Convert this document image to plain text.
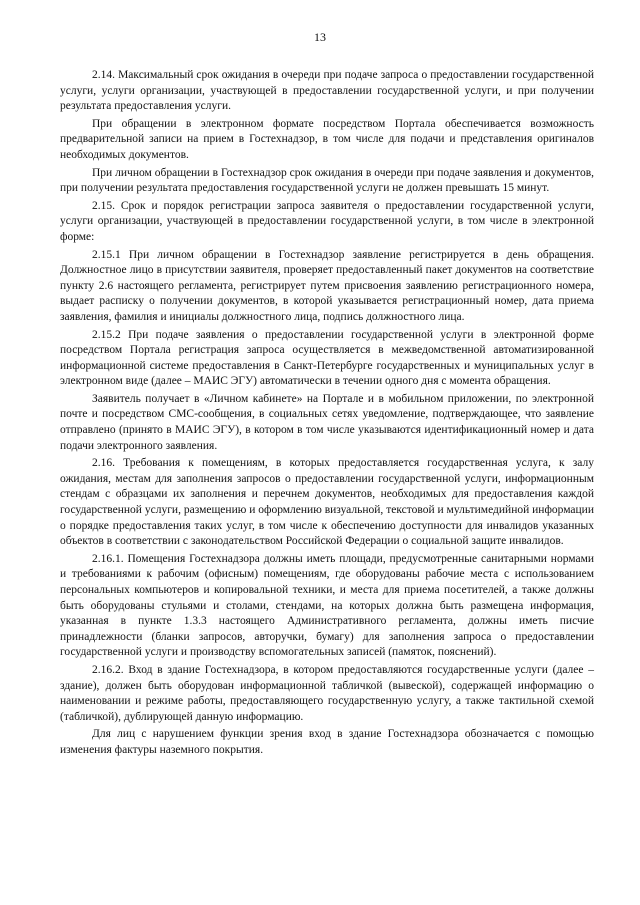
13

2.14. Максимальный срок ожидания в очереди при подаче запроса о предоставлении государственной услуги, услуги организации, участвующей в предоставлении государственной услуги, и при получении результата предоставления услуги.

При обращении в электронном формате посредством Портала обеспечивается возможность предварительной записи на прием в Гостехнадзор, в том числе для подачи и представления оригиналов необходимых документов.

При личном обращении в Гостехнадзор срок ожидания в очереди при подаче заявления и документов, при получении результата предоставления государственной услуги не должен превышать 15 минут.

2.15. Срок и порядок регистрации запроса заявителя о предоставлении государственной услуги, услуги организации, участвующей в предоставлении государственной услуги, в том числе в электронной форме:

2.15.1 При личном обращении в Гостехнадзор заявление регистрируется в день обращения. Должностное лицо в присутствии заявителя, проверяет предоставленный пакет документов на соответствие пункту 2.6 настоящего регламента, регистрирует путем присвоения заявлению регистрационного номера, выдает расписку о получении документов, в которой указывается регистрационный номер, дата приема заявления, фамилия и инициалы должностного лица, подпись должностного лица.

2.15.2 При подаче заявления о предоставлении государственной услуги в электронной форме посредством Портала регистрация запроса осуществляется в межведомственной автоматизированной информационной системе предоставления в Санкт-Петербурге государственных и муниципальных услуг в электронном виде (далее – МАИС ЭГУ) автоматически в течении одного дня с момента обращения.

Заявитель получает в «Личном кабинете» на Портале и в мобильном приложении, по электронной почте и посредством СМС-сообщения, в социальных сетях уведомление, подтверждающее, что заявление отправлено (принято в МАИС ЭГУ), в котором в том числе указываются идентификационный номер и дата подачи электронного заявления.

2.16. Требования к помещениям, в которых предоставляется государственная услуга, к залу ожидания, местам для заполнения запросов о предоставлении государственной услуги, информационным стендам с образцами их заполнения и перечнем документов, необходимых для предоставления каждой государственной услуги, размещению и оформлению визуальной, текстовой и мультимедийной информации о порядке предоставления таких услуг, в том числе к обеспечению доступности для инвалидов указанных объектов в соответствии с законодательством Российской Федерации о социальной защите инвалидов.

2.16.1. Помещения Гостехнадзора должны иметь площади, предусмотренные санитарными нормами и требованиями к рабочим (офисным) помещениям, где оборудованы рабочие места с использованием персональных компьютеров и копировальной техники, и места для приема посетителей, а также должны быть оборудованы стульями и столами, стендами, на которых должна быть размещена информация, указанная в пункте 1.3.3 настоящего Административного регламента, должны иметь писчие принадлежности (бланки запросов, авторучки, бумагу) для заполнения запроса о предоставлении государственной услуги и производству вспомогательных записей (памяток, пояснений).

2.16.2. Вход в здание Гостехнадзора, в котором предоставляются государственные услуги (далее – здание), должен быть оборудован информационной табличкой (вывеской), содержащей информацию о наименовании и режиме работы, предоставляющего государственную услугу, а также тактильной схемой (табличкой), дублирующей данную информацию.

Для лиц с нарушением функции зрения вход в здание Гостехнадзора обозначается с помощью изменения фактуры наземного покрытия.
